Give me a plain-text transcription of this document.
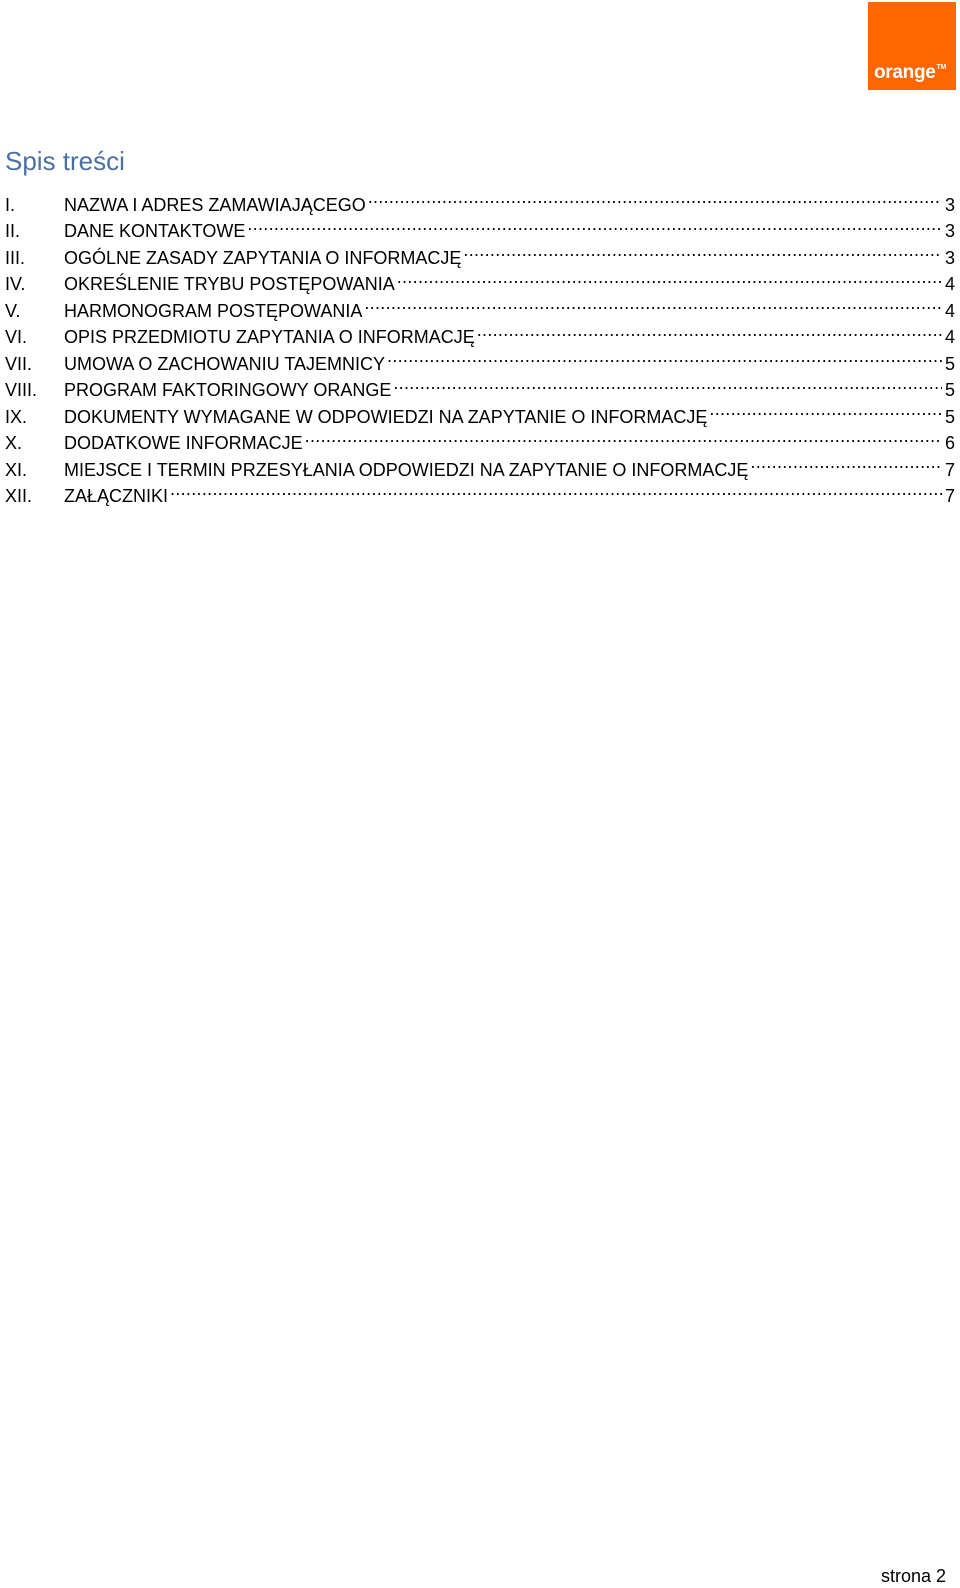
orange™
Spis treści
I.	NAZWA I ADRES ZAMAWIAJĄCEGO .....	3
II.	DANE KONTAKTOWE .....	3
III.	OGÓLNE ZASADY ZAPYTANIA O INFORMACJĘ .....	3
IV.	OKREŚLENIE TRYBU POSTĘPOWANIA .....	4
V.	HARMONOGRAM POSTĘPOWANIA .....	4
VI.	OPIS PRZEDMIOTU ZAPYTANIA O INFORMACJĘ .....	4
VII.	UMOWA O ZACHOWANIU TAJEMNICY .....	5
VIII.	PROGRAM FAKTORINGOWY ORANGE .....	5
IX.	DOKUMENTY WYMAGANE W ODPOWIEDZI NA ZAPYTANIE O INFORMACJĘ .....	5
X.	DODATKOWE INFORMACJE .....	6
XI.	MIEJSCE I TERMIN PRZESYŁANIA ODPOWIEDZI NA ZAPYTANIE O INFORMACJĘ .....	7
XII.	ZAŁĄCZNIKI .....	7
strona 2
